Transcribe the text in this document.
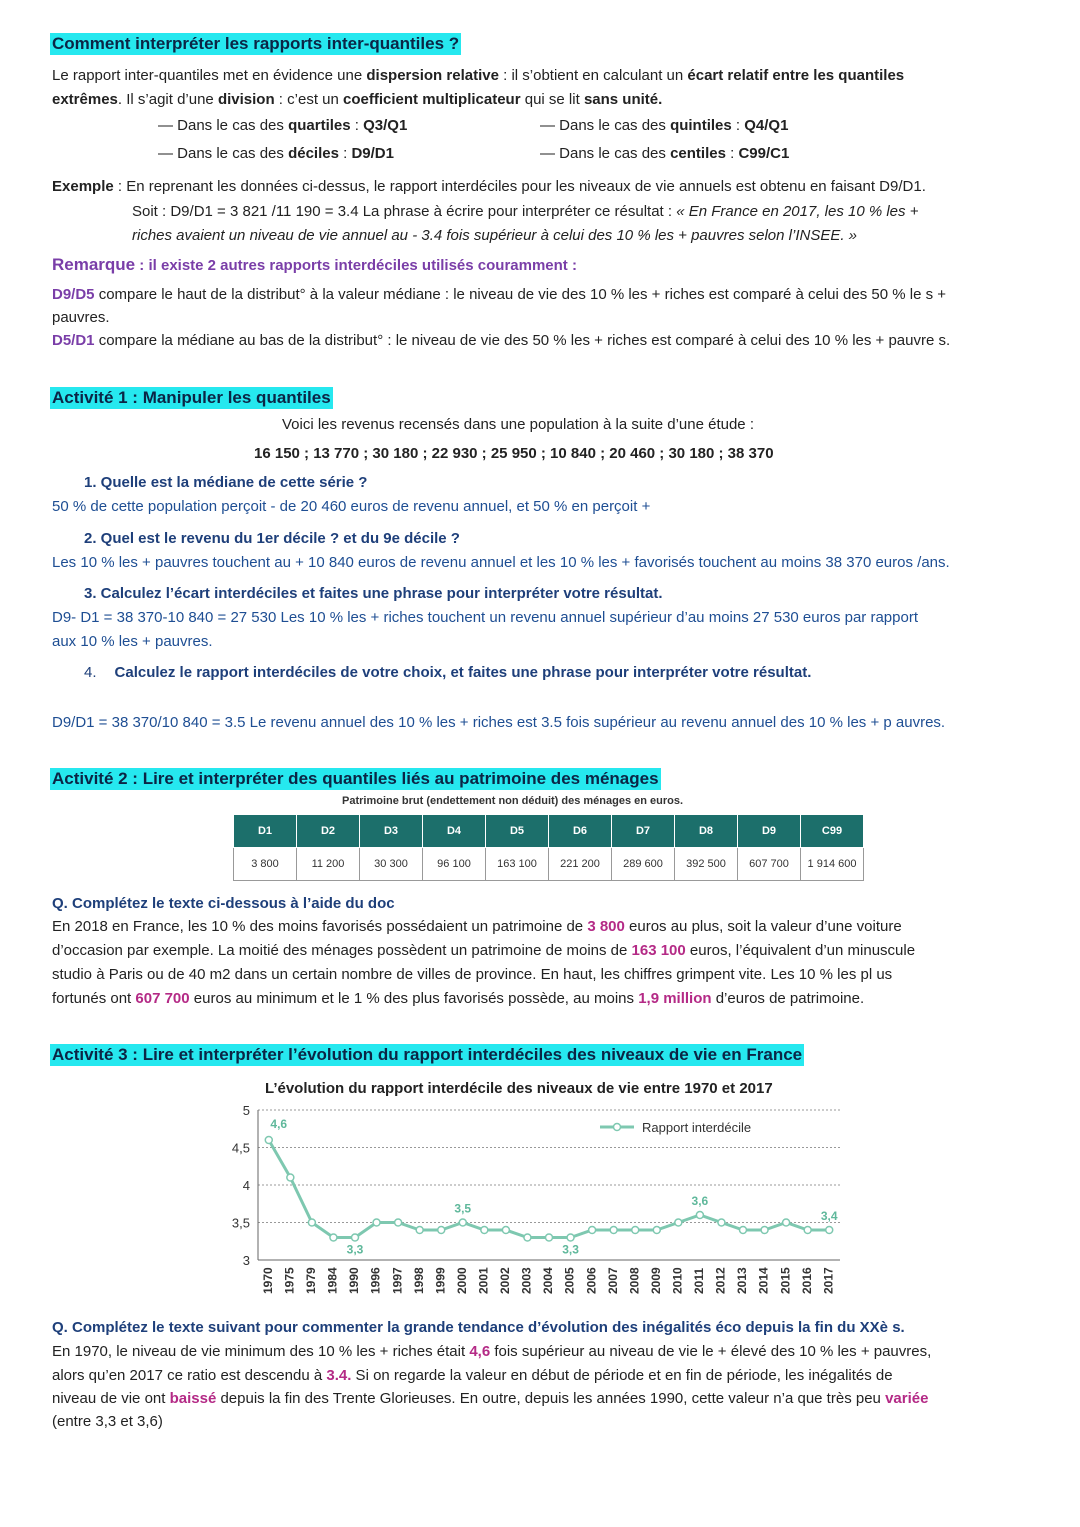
Comment interpréter les rapports inter-quantiles ?
Le rapport inter-quantiles met en évidence une dispersion relative : il s’obtient en calculant un écart relatif entre les quantiles
extrêmes. Il s’agit d’une division : c’est un coefficient multiplicateur qui se lit sans unité.
— Dans le cas des quartiles : Q3/Q1	— Dans le cas des quintiles : Q4/Q1
— Dans le cas des déciles : D9/D1	— Dans le cas des centiles : C99/C1
Exemple : En reprenant les données ci-dessus, le rapport interdéciles pour les niveaux de vie annuels est obtenu en faisant D9/D1.
Soit : D9/D1 = 3 821 /11 190 = 3.4 La phrase à écrire pour interpréter ce résultat : « En France en 2017, les 10 % les +
riches avaient un niveau de vie annuel au - 3.4 fois supérieur à celui des 10 % les + pauvres selon l’INSEE. »
Remarque : il existe 2 autres rapports interdéciles utilisés couramment :
D9/D5 compare le haut de la distribut° à la valeur médiane : le niveau de vie des 10 % les + riches est comparé à celui des 50 % le s +
pauvres.
D5/D1 compare la médiane au bas de la distribut° : le niveau de vie des 50 % les + riches est comparé à celui des 10 % les + pauvre s.
Activité 1 : Manipuler les quantiles
Voici les revenus recensés dans une population à la suite d’une étude :
16 150 ; 13 770 ; 30 180 ; 22 930 ; 25 950 ; 10 840 ; 20 460 ; 30 180 ; 38 370
1. Quelle est la médiane de cette série ?
50 % de cette population perçoit - de 20 460 euros de revenu annuel, et 50 % en perçoit +
2. Quel est le revenu du 1er décile ? et du 9e décile ?
Les 10 % les + pauvres touchent au + 10 840 euros de revenu annuel et les 10 % les + favorisés touchent au moins 38 370 euros /ans.
3. Calculez l’écart interdéciles et faites une phrase pour interpréter votre résultat.
D9- D1 = 38 370-10 840 = 27 530 Les 10 % les + riches touchent un revenu annuel supérieur d’au moins 27 530 euros par rapport
aux 10 % les + pauvres.
4. Calculez le rapport interdéciles de votre choix, et faites une phrase pour interpréter votre résultat.
D9/D1 = 38 370/10 840 = 3.5 Le revenu annuel des 10 % les + riches est 3.5 fois supérieur au revenu annuel des 10 % les + p auvres.
Activité 2 : Lire et interpréter des quantiles liés au patrimoine des ménages
Patrimoine brut (endettement non déduit) des ménages en euros.
D1	D2	D3	D4	D5	D6	D7	D8	D9	C99
3 800	11 200	30 300	96 100	163 100	221 200	289 600	392 500	607 700	1 914 600
Q. Complétez le texte ci-dessous à l’aide du doc
En 2018 en France, les 10 % des moins favorisés possédaient un patrimoine de 3 800 euros au plus, soit la valeur d’une voiture
d’occasion par exemple. La moitié des ménages possèdent un patrimoine de moins de 163 100 euros, l’équivalent d’un minuscule
studio à Paris ou de 40 m2 dans un certain nombre de villes de province. En haut, les chiffres grimpent vite. Les 10 % les pl us
fortunés ont 607 700 euros au minimum et le 1 % des plus favorisés possède, au moins 1,9 million d’euros de patrimoine.
Activité 3 : Lire et interpréter l’évolution du rapport interdéciles des niveaux de vie en France
L’évolution du rapport interdécile des niveaux de vie entre 1970 et 2017
3
3,5
4
4,5
5
1970 1975 1979 1984 1990 1996 1997 1998 1999 2000 2001 2002 2003 2004 2005 2006 2007 2008 2009 2010 2011 2012 2013 2014 2015 2016 2017
4,6
3,3
3,5
3,3
3,6
3,4
Rapport interdécile
Q. Complétez le texte suivant pour commenter la grande tendance d’évolution des inégalités éco depuis la fin du XXè s.
En 1970, le niveau de vie minimum des 10 % les + riches était 4,6 fois supérieur au niveau de vie le + élevé des 10 % les + pauvres,
alors qu’en 2017 ce ratio est descendu à 3.4. Si on regarde la valeur en début de période et en fin de période, les inégalités de
niveau de vie ont baissé depuis la fin des Trente Glorieuses. En outre, depuis les années 1990, cette valeur n’a que très peu variée
(entre 3,3 et 3,6)
